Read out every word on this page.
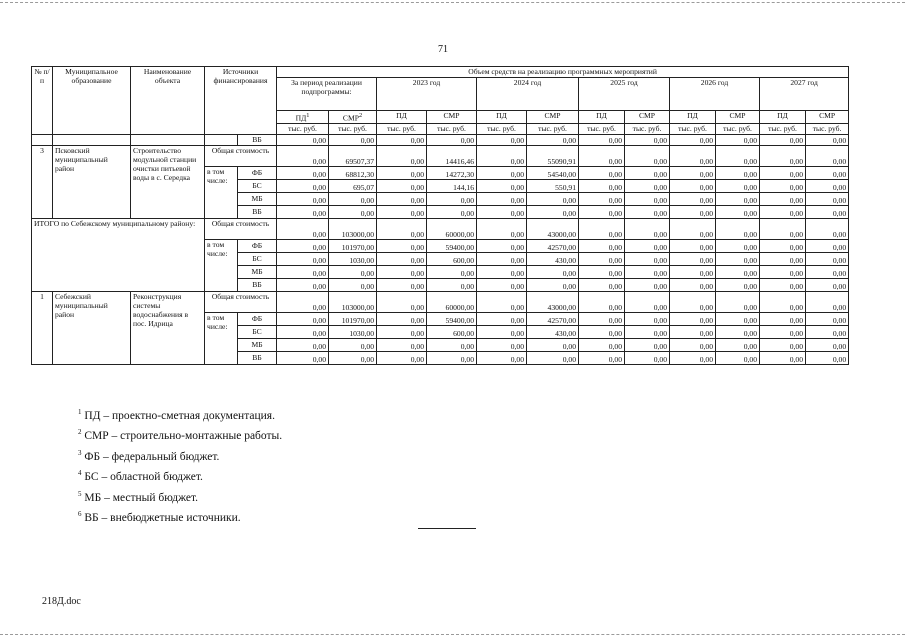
71
№ п/п	Муниципальное образование	Наименование объекта	Источники финансирования		Объем средств на реализацию программных мероприятий											
					За период реализации подпрограммы:		2023 год		2024 год		2025 год		2026 год		2027 год	
					$ПД^1$	СМР$^2$	ПД	СМР	ПД	СМР	ПД	СМР	ПД	СМР	ПД	СМР
					тыс. руб.	тыс. руб.	тыс. руб.	тыс. руб.	тыс. руб.	тыс. руб.	тыс. руб.	тыс. руб.	тыс. руб.	тыс. руб.	тыс. руб.	тыс. руб.
				ВБ	0,00	0,00	0,00	0,00	0,00	0,00	0,00	0,00	0,00	0,00	0,00	0,00
3	Псковский муниципальный район	Строительство модульной станции очистки питьевой воды в с. Середка	Общая стоимость		0,00	69507,37	0,00	14416,46	0,00	55090,91	0,00	0,00	0,00	0,00	0,00	0,00
			в том числе:	ФБ	0,00	68812,30	0,00	14272,30	0,00	54540,00	0,00	0,00	0,00	0,00	0,00	0,00
				БС	0,00	695,07	0,00	144,16	0,00	550,91	0,00	0,00	0,00	0,00	0,00	0,00
				МБ	0,00	0,00	0,00	0,00	0,00	0,00	0,00	0,00	0,00	0,00	0,00	0,00
				ВБ	0,00	0,00	0,00	0,00	0,00	0,00	0,00	0,00	0,00	0,00	0,00	0,00
ИТОГО по Себежскому муниципальному району:			Общая стоимость		0,00	103000,00	0,00	60000,00	0,00	43000,00	0,00	0,00	0,00	0,00	0,00	0,00
			в том числе:	ФБ	0,00	101970,00	0,00	59400,00	0,00	42570,00	0,00	0,00	0,00	0,00	0,00	0,00
				БС	0,00	1030,00	0,00	600,00	0,00	430,00	0,00	0,00	0,00	0,00	0,00	0,00
				МБ	0,00	0,00	0,00	0,00	0,00	0,00	0,00	0,00	0,00	0,00	0,00	0,00
				ВБ	0,00	0,00	0,00	0,00	0,00	0,00	0,00	0,00	0,00	0,00	0,00	0,00
1	Себежский муниципальный район	Реконструкция системы водоснабжения в пос. Идрица	Общая стоимость		0,00	103000,00	0,00	60000,00	0,00	43000,00	0,00	0,00	0,00	0,00	0,00	0,00
			в том числе:	ФБ	0,00	101970,00	0,00	59400,00	0,00	42570,00	0,00	0,00	0,00	0,00	0,00	0,00
				БС	0,00	1030,00	0,00	600,00	0,00	430,00	0,00	0,00	0,00	0,00	0,00	0,00
				МБ	0,00	0,00	0,00	0,00	0,00	0,00	0,00	0,00	0,00	0,00	0,00	0,00
				ВБ	0,00	0,00	0,00	0,00	0,00	0,00	0,00	0,00	0,00	0,00	0,00	0,00
$^1$ ПД – проектно-сметная документация.
$^2$ СМР – строительно-монтажные работы.
$^3$ ФБ – федеральный бюджет.
$^4$ БС – областной бюджет.
$^5$ МБ – местный бюджет.
$^6$ ВБ – внебюджетные источники.
218Д.doc
